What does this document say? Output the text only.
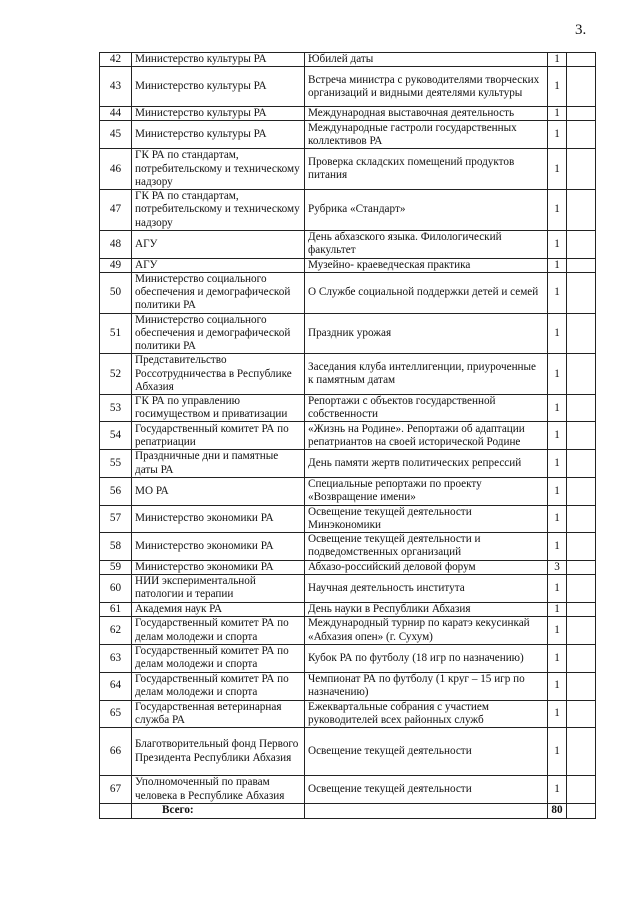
3.
42	Министерство культуры РА	Юбилей даты	1	
43	Министерство культуры РА	Встреча министра с руководителями творческих организаций и видными деятелями культуры	1	
44	Министерство культуры РА	Международная выставочная деятельность	1	
45	Министерство культуры РА	Международные гастроли государственных коллективов РА	1	
46	ГК РА по стандартам, потребительскому и техническому надзору	Проверка складских помещений продуктов питания	1	
47	ГК РА по стандартам, потребительскому и техническому надзору	Рубрика «Стандарт»	1	
48	АГУ	День абхазского языка. Филологический факультет	1	
49	АГУ	Музейно- краеведческая практика	1	
50	Министерство социального обеспечения и демографической политики РА	О Службе социальной поддержки детей и семей	1	
51	Министерство социального обеспечения и демографической политики РА	Праздник урожая	1	
52	Представительство Россотрудничества в Республике Абхазия	Заседания клуба интеллигенции, приуроченные к памятным датам	1	
53	ГК РА по управлению госимуществом и приватизации	Репортажи с объектов государственной собственности	1	
54	Государственный комитет РА по репатриации	«Жизнь на Родине». Репортажи об адаптации репатриантов на своей исторической Родине	1	
55	Праздничные дни и памятные даты РА	День памяти жертв политических репрессий	1	
56	МО РА	Специальные репортажи по проекту «Возвращение имени»	1	
57	Министерство экономики РА	Освещение текущей деятельности Минэкономики	1	
58	Министерство экономики РА	Освещение текущей деятельности и подведомственных организаций	1	
59	Министерство экономики РА	Абхазо-российский деловой форум	3	
60	НИИ экспериментальной патологии и терапии	Научная деятельность института	1	
61	Академия наук РА	День науки в Республики Абхазия	1	
62	Государственный комитет РА по делам молодежи и спорта	Международный турнир по каратэ кекусинкай «Абхазия опен» (г. Сухум)	1	
63	Государственный комитет РА по делам молодежи и спорта	Кубок РА по футболу (18 игр по назначению)	1	
64	Государственный комитет РА по делам молодежи и спорта	Чемпионат РА по футболу (1 круг – 15 игр по назначению)	1	
65	Государственная ветеринарная служба РА	Ежеквартальные собрания с участием руководителей всех районных служб	1	
66	Благотворительный фонд Первого Президента Республики Абхазия	Освещение текущей деятельности	1	
67	Уполномоченный по правам человека в Республике Абхазия	Освещение текущей деятельности	1	
	Всего:		80	
